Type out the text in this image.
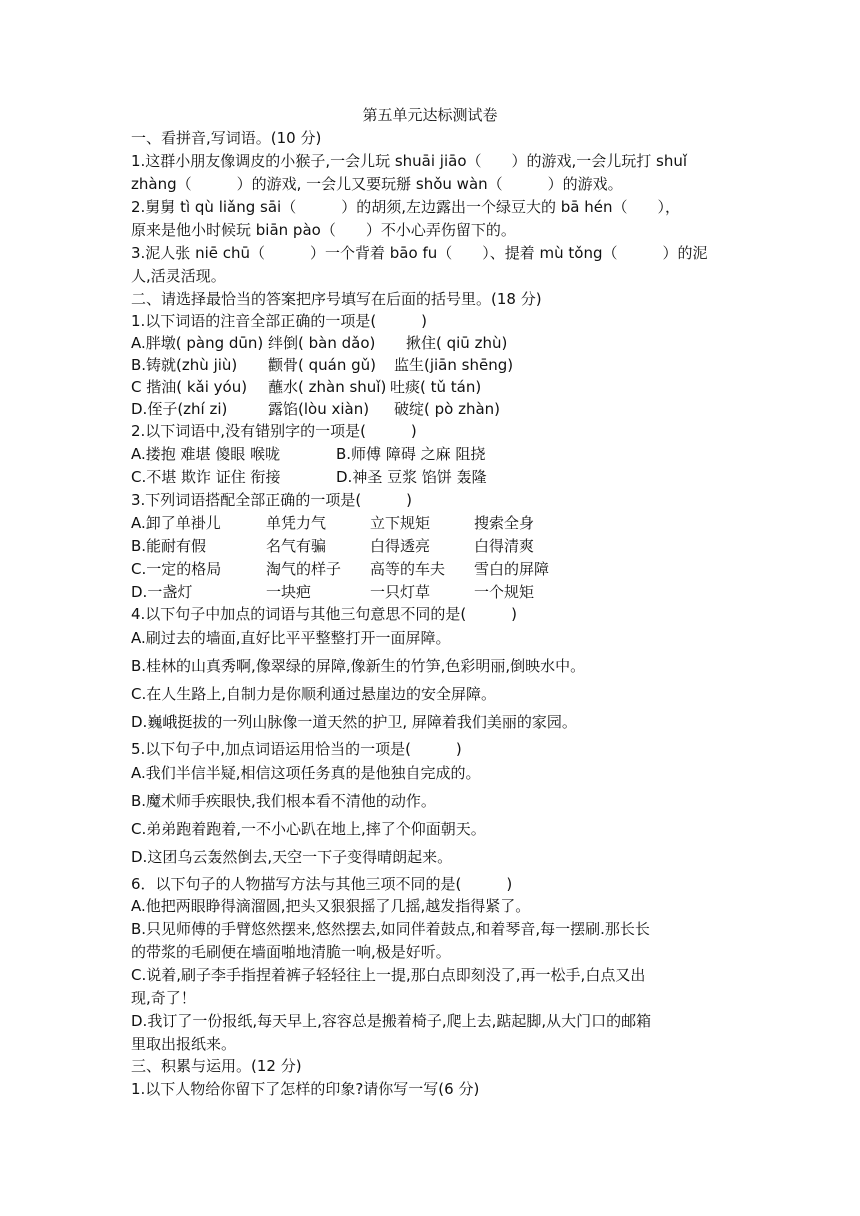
第五单元达标测试卷
一、看拼音,写词语。(10 分)
1.这群小朋友像调皮的小猴子,一会儿玩 shuāi jiāo（　　）的游戏,一会儿玩打 shuǐ
zhàng（　　　）的游戏, 一会儿又要玩掰 shǒu wàn（　　　）的游戏。
2.舅舅 tì qù liǎng sāi（　　　）的胡须,左边露出一个绿豆大的 bā hén（　　），
原来是他小时候玩 biān pào（　　）不小心弄伤留下的。
3.泥人张 niē chū（　　　）一个背着 bāo fu（　　）、提着 mù tǒng（　　　）的泥
人,活灵活现。
二、请选择最恰当的答案把序号填写在后面的括号里。(18 分)
1.以下词语的注音全部正确的一项是(　　　)
A.胖墩( pàng dūn) 绊倒( bàn dǎo) 揪住( qiū zhù)
B.铸就(zhù jiù) 颧骨( quán gǔ) 监生(jiān shēng)
C 揩油( kǎi yóu) 蘸水( zhàn shuǐ) 吐痰( tǔ tán)
D.侄子(zhí zi)	露馅(lòu xiàn) 破绽( pò zhàn)
2.以下词语中,没有错别字的一项是(　　　)
A.搂抱 难堪 傻眼 喉咙	B.师傅 障碍 之麻 阻挠
C.不堪 欺诈 证住 衔接	D.神圣 豆浆 馅饼 轰隆
3.下列词语搭配全部正确的一项是(　　　)
A.卸了单褂儿	单凭力气	立下规矩	搜索全身
B.能耐有假	名气有骗	白得透亮	白得清爽
C.一定的格局	淘气的样子 高等的车夫 雪白的屏障
D.一盏灯	一块疤	一只灯草	一个规矩
4.以下句子中加点的词语与其他三句意思不同的是(　　　)
A.刷过去的墙面,直好比平平整整打开一面屏障。
B.桂林的山真秀啊,像翠绿的屏障,像新生的竹笋,色彩明丽,倒映水中。
C.在人生路上,自制力是你顺利通过悬崖边的安全屏障。
D.巍峨挺拔的一列山脉像一道天然的护卫, 屏障着我们美丽的家园。
5.以下句子中,加点词语运用恰当的一项是(　　　)
A.我们半信半疑,相信这项任务真的是他独自完成的。
B.魔术师手疾眼快,我们根本看不清他的动作。
C.弟弟跑着跑着,一不小心趴在地上,摔了个仰面朝天。
D.这团乌云轰然倒去,天空一下子变得晴朗起来。
6．以下句子的人物描写方法与其他三项不同的是(　　　)
A.他把两眼睁得滴溜圆,把头又狠狠摇了几摇,越发指得紧了。
B.只见师傅的手臂悠然摆来,悠然摆去,如同伴着鼓点,和着琴音,每一摆刷.那长长
的带浆的毛刷便在墙面啪地清脆一响,极是好听。
C.说着,刷子李手指捏着裤子轻轻往上一提,那白点即刻没了,再一松手,白点又出
现,奇了！
D.我订了一份报纸,每天早上,容容总是搬着椅子,爬上去,踮起脚,从大门口的邮箱
里取出报纸来。
三、积累与运用。(12 分)
1.以下人物给你留下了怎样的印象?请你写一写(6 分)
